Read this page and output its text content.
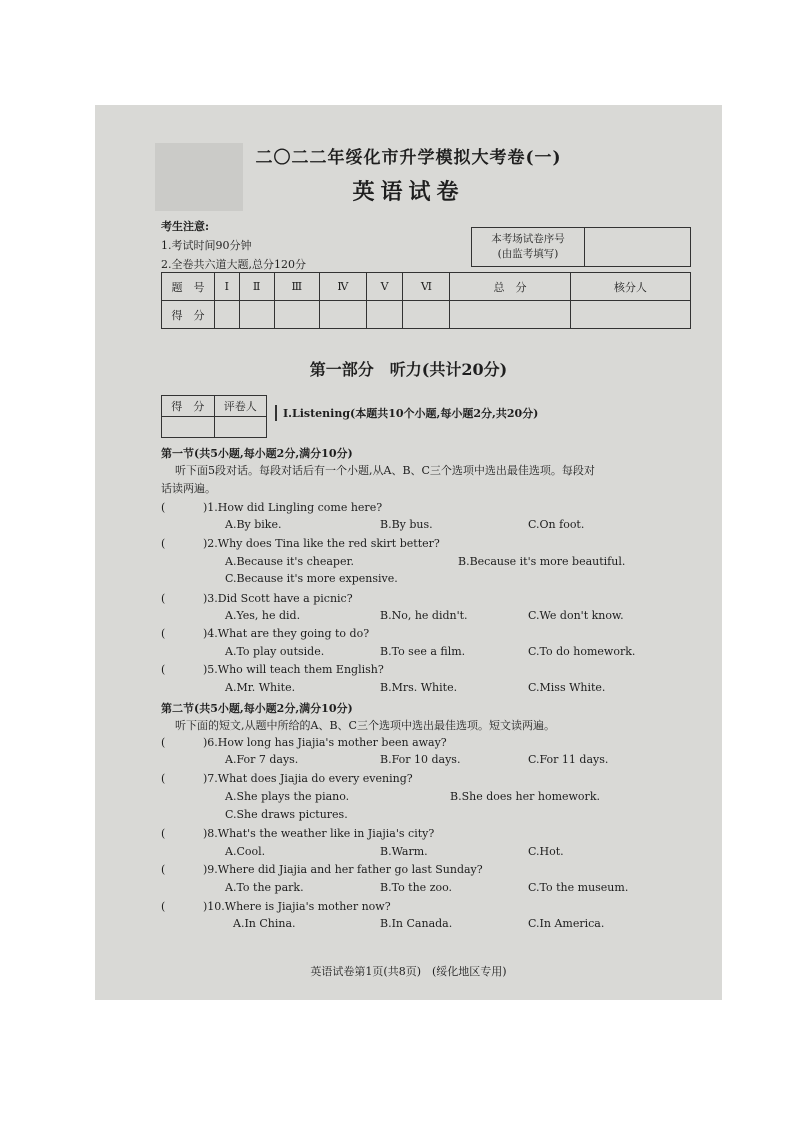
二〇二二年绥化市升学模拟大考卷(一)
英语试卷
考生注意:
1.考试时间90分钟
2.全卷共六道大题,总分120分
本考场试卷序号
(由监考填写)

题　号	Ⅰ	Ⅱ	Ⅲ	Ⅳ	Ⅴ	Ⅵ	总　分	核分人
得　分								
第一部分　听力(共计20分)
得　分	评卷人

Ⅰ.Listening(本题共10个小题,每小题2分,共20分)
第一节(共5小题,每小题2分,满分10分)
听下面5段对话。每段对话后有一个小题,从A、B、C三个选项中选出最佳选项。每段对
话读两遍。
(	)1.How did Lingling come here?
A.By bike.	B.By bus.	C.On foot.
(	)2.Why does Tina like the red skirt better?
A.Because it's cheaper.	B.Because it's more beautiful.
C.Because it's more expensive.
(	)3.Did Scott have a picnic?
A.Yes, he did.	B.No, he didn't.	C.We don't know.
(	)4.What are they going to do?
A.To play outside.	B.To see a film.	C.To do homework.
(	)5.Who will teach them English?
A.Mr. White.	B.Mrs. White.	C.Miss White.
第二节(共5小题,每小题2分,满分10分)
听下面的短文,从题中所给的A、B、C三个选项中选出最佳选项。短文读两遍。
(	)6.How long has Jiajia's mother been away?
A.For 7 days.	B.For 10 days.	C.For 11 days.
(	)7.What does Jiajia do every evening?
A.She plays the piano.	B.She does her homework.
C.She draws pictures.
(	)8.What's the weather like in Jiajia's city?
A.Cool.	B.Warm.	C.Hot.
(	)9.Where did Jiajia and her father go last Sunday?
A.To the park.	B.To the zoo.	C.To the museum.
(	)10.Where is Jiajia's mother now?
A.In China.	B.In Canada.	C.In America.
英语试卷第1页(共8页)　(绥化地区专用)
